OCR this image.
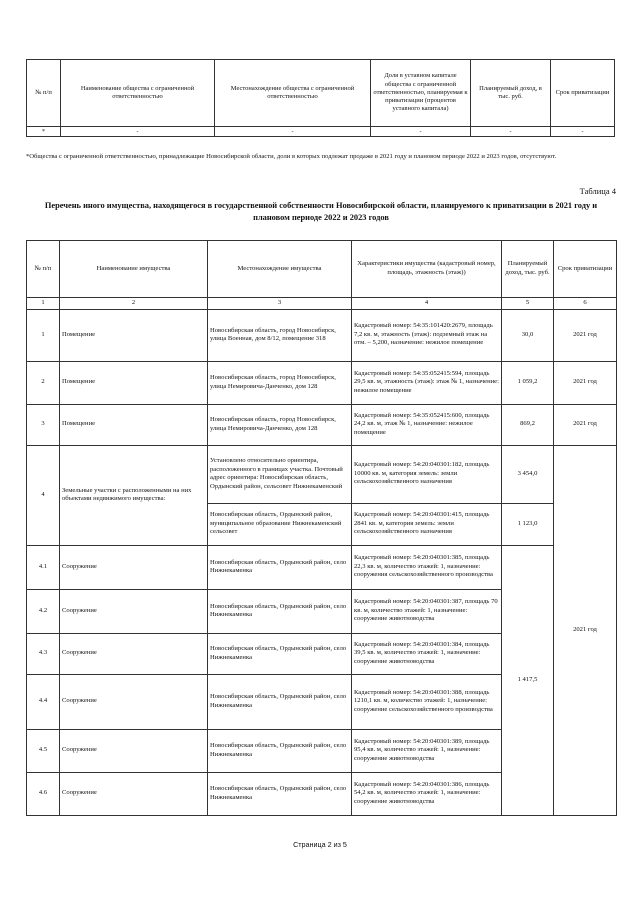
№ п/п	Наименование общества с ограниченной ответственностью	Местонахождение общества с ограниченной ответственностью	Доля в уставном капитале общества с ограниченной ответственностью, планируемая к приватизации (процентов уставного капитала)	Планируемый доход, в тыс. руб.	Срок приватизации
*	-	-	-	-	-
*Общества с ограниченной ответственностью, принадлежащие Новосибирской области, доли в которых подлежат продаже в 2021 году и плановом периоде 2022 и 2023 годов, отсутствуют.
Таблица 4
Перечень иного имущества, находящегося в государственной собственности Новосибирской области, планируемого к приватизации в 2021 году и плановом периоде 2022 и 2023 годов
№ п/п	Наименование имущества	Местонахождение имущества	Характеристики имущества (кадастровый номер, площадь, этажность (этаж))	Планируемый доход, тыс. руб.	Срок приватизации
1	2	3	4	5	6
1	Помещение	Новосибирская область, город Новосибирск, улица Военная, дом 8/12, помещение 318	Кадастровый номер: 54:35:101420:2679, площадь 7,2 кв. м, этажность (этаж): подземный этаж на отм. – 5,200, назначение: нежилое помещение	30,0	2021 год
2	Помещение	Новосибирская область, город Новосибирск, улица Немировича-Данченко, дом 128	Кадастровый номер: 54:35:052415:594, площадь 29,5 кв. м, этажность (этаж): этаж № 1, назначение: нежилое помещение	1 059,2	2021 год
3	Помещение	Новосибирская область, город Новосибирск, улица Немировича-Данченко, дом 128	Кадастровый номер: 54:35:052415:600, площадь 24,2 кв. м, этаж № 1, назначение: нежилое помещение	869,2	2021 год
4	Земельные участки с расположенными на них объектами недвижимого имущества:	Установлено относительно ориентира, расположенного в границах участка. Почтовый адрес ориентира: Новосибирская область, Ордынский район, сельсовет Нижнекаменский	Кадастровый номер: 54:20:040301:182, площадь 10000 кв. м, категория земель: земли сельскохозяйственного назначения	3 454,0	2021 год
		Новосибирская область, Ордынский район, муниципальное образование Нижнекаменский сельсовет	Кадастровый номер: 54:20:040301:415, площадь 2841 кв. м, категория земель: земли сельскохозяйственного назначения	1 123,0	
4.1	Сооружение	Новосибирская область, Ордынский район, село Нижнекаменка	Кадастровый номер: 54:20:040301:385, площадь 22,3 кв. м, количество этажей: 1, назначение: сооружения сельскохозяйственного производства	1 417,5	
4.2	Сооружение	Новосибирская область, Ордынский район, село Нижнекаменка	Кадастровый номер: 54:20:040301:387, площадь 70 кв. м, количество этажей: 1, назначение: сооружение животноводства		
4.3	Сооружение	Новосибирская область, Ордынский район, село Нижнекаменка	Кадастровый номер: 54:20:040301:384, площадь 39,5 кв. м, количество этажей: 1, назначение: сооружение животноводства		
4.4	Сооружение	Новосибирская область, Ордынский район, село Нижнекаменка	Кадастровый номер: 54:20:040301:388, площадь 1210,1 кв. м, количество этажей: 1, назначение: сооружение сельскохозяйственного производства		
4.5	Сооружение	Новосибирская область, Ордынский район, село Нижнекаменка	Кадастровый номер: 54:20:040301:389, площадь 95,4 кв. м, количество этажей: 1, назначение: сооружение животноводства		
4.6	Сооружение	Новосибирская область, Ордынский район, село Нижнекаменка	Кадастровый номер: 54:20:040301:386, площадь 54,2 кв. м, количество этажей: 1, назначение: сооружение животноводства		
Страница 2 из 5
